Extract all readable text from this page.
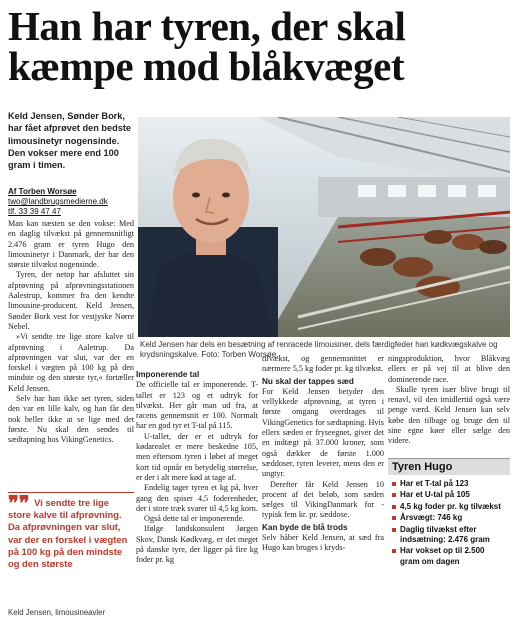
Han har tyren, der skal kæmpe mod blåkvæget
Keld Jensen, Sønder Bork, har fået afprøvet den bedste limousinetyr nogensinde. Den vokser mere end 100 gram i timen.
Af Torben Worsøe
two@landbrugsmedierne.dk
tlf. 33 39 47 47

Man kan næsten se den vokse: Med en daglig tilvækst på gennemsnitligt 2.476 gram er tyren Hugo den limousinetyr i Danmark, der har den største tilvækst nogensinde.

Tyren, der netop har afsluttet sin afprøvning på afprøvningsstationen Aalestrup, kommer fra den kendte limousine-producent. Keld Jensen, Sønder Bork vest for vestjyske Nørre Nebel.

»Vi sendte tre lige store kalve til afprøvning i Aaletrup. Da afprøvningen var slut, var der en forskel i vægten på 100 kg på den mindste og den største tyr,« fortæller Keld Jensen.

Selv har han ikke set tyren, siden den var en lille kalv, og han får den nok heller ikke at se lige med det første. Nu skal den sendes til sædtapning hos VikingGenetics.

Keld Jensen har dels en besætning af renracede limousiner, dels færdigfeder han kødkvægskalve og krydsningskalve. Foto: Torben Worsøe.
Imponerende tal

De officielle tal er imponerende. T-tallet er 123 og et udtryk for tilvækst. Her går man ud fra, at racens gennemsnit er 100. Normalt har en god tyr et T-tal på 115.

U-tallet, der er et udtryk for kødarealet er mere beskedne 105, men eftersom tyren i løbet af meget kort tid opnår en betydelig størrelse, er der i alt mere kød at tage af.

Endelig tager tyren et kg på, hver gang den spiser 4,5 foderenheder, der i store træk svarer til 4,5 kg korn.

Også dette tal er imponerende.

Ifølge landskonsulent Jørgen Skov, Dansk Kødkvæg, er det meget på danske tyre, der ligger på fire kg foder pr. kg

tilvækst, og gennemsnittet er nærmere 5,5 kg foder pr. kg tilvækst.

Nu skal der tappes sæd

For Keld Jensen betyder den vellykkede afprøvning, at tyren i første omgang overdrages til VikingGenetics for sædtapning. Hvis ellers sæden er fryseegnet, giver det en indtægt på 37.000 kroner, som også dækker de første 1.000 sæddoser, tyren leverer, mens den er ungtyr.

Derefter får Keld Jensen 10 procent af det beløb, som sæden sælges til VikingDanmark for - typisk fem kr. pr. sæddose.

Kan byde de blå trods

Selv håber Keld Jensen, at sæd fra Hugo kan bruges i kryds-

ningsproduktion, hvor Blåkvæg ellers er på vej til at blive den dominerende race.

Skulle tyren især blive brugt til renavl, vil den imidlertid også være penge værd. Keld Jensen kan selv købe den tilbage og bruge den til sine egne køer eller sælge den videre.

❞❞ Vi sendte tre lige store kalve til afprøvning. Da afprøvningen var slut, var der en forskel i vægten på 100 kg på den mindste og den største
Keld Jensen, limousineavler
Tyren Hugo
Har et T-tal på 123
Har et U-tal på 105
4,5 kg foder pr. kg tilvækst
Årsvægt: 746 kg
Daglig tilvækst efter indsætning: 2.476 gram
Har vokset op til 2.500 gram om dagen
